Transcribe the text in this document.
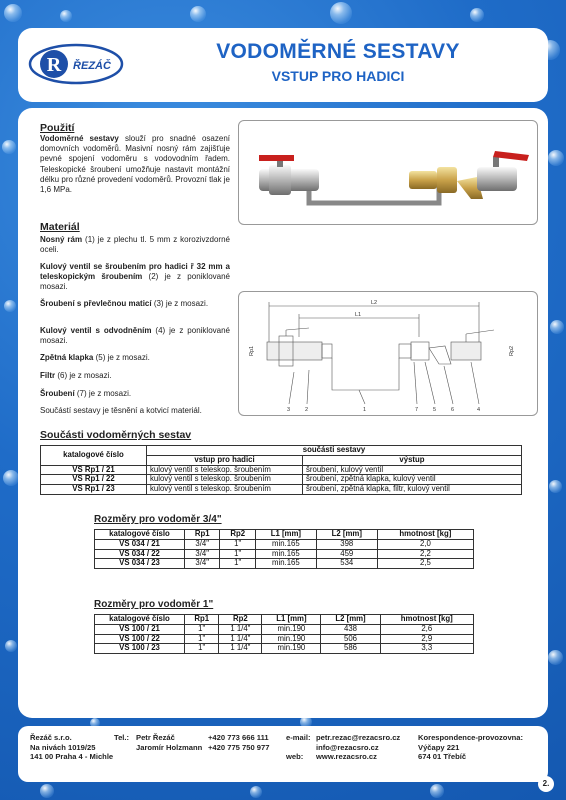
R ŘEZÁČ
VODOMĚRNÉ SESTAVY
VSTUP PRO HADICI
Použití
Vodoměrné sestavy slouží pro snadné osazení domovních vodoměrů. Masivní nosný rám zajišťuje pevné spojení vodoměru s vodovodním řadem. Teleskopické šroubení umožňuje nastavit montážní délku pro různé provedení vodoměrů. Provozní tlak je 1,6 MPa.
Materiál
Nosný rám (1) je z plechu tl. 5 mm z korozivzdorné oceli.
Kulový ventil se šroubením pro hadici ř 32 mm a teleskopickým šroubením (2) je z poniklované mosazi.
Šroubení s převlečnou maticí (3) je z mosazi.
Kulový ventil s odvodněním (4) je z poniklované mosazi.
Zpětná klapka (5) je z mosazi.
Filtr (6) je z mosazi.
Šroubení (7) je z mosazi.
Součástí sestavy je těsnění a kotvicí materiál.
L2
L1
Rp1	Rp2
3	2	1	7	5	6	4
Součásti vodoměrných sestav
katalogové číslo	součásti sestavy	
	vstup pro hadici	výstup
VS Rp1 / 21	kulový ventil s teleskop. šroubením	šroubení, kulový ventil
VS Rp1 / 22	kulový ventil s teleskop. šroubením	šroubení, zpětná klapka, kulový ventil
VS Rp1 / 23	kulový ventil s teleskop. šroubením	šroubení, zpětná klapka, filtr, kulový ventil
Rozměry pro vodoměr 3/4"
katalogové číslo	Rp1	Rp2	L1 [mm]	L2 [mm]	hmotnost [kg]
VS 034 / 21	3/4"	1"	min.165	398	2,0
VS 034 / 22	3/4"	1"	min.165	459	2,2
VS 034 / 23	3/4"	1"	min.165	534	2,5
Rozměry pro vodoměr 1"
katalogové číslo	Rp1	Rp2	L1 [mm]	L2 [mm]	hmotnost [kg]
VS 100 / 21	1"	1 1/4"	min.190	438	2,6
VS 100 / 22	1"	1 1/4"	min.190	506	2,9
VS 100 / 23	1"	1 1/4"	min.190	586	3,3
Řezáč s.r.o.
Na nivách 1019/25
141 00 Praha 4 - Michle
Tel.: Petr Řezáč
Jaromír Holzmann
+420 773 666 111
+420 775 750 977
e-mail:
web:
petr.rezac@rezacsro.cz
info@rezacsro.cz
www.rezacsro.cz
Korespondence-provozovna:
Výčapy 221
674 01 Třebíč
2.
